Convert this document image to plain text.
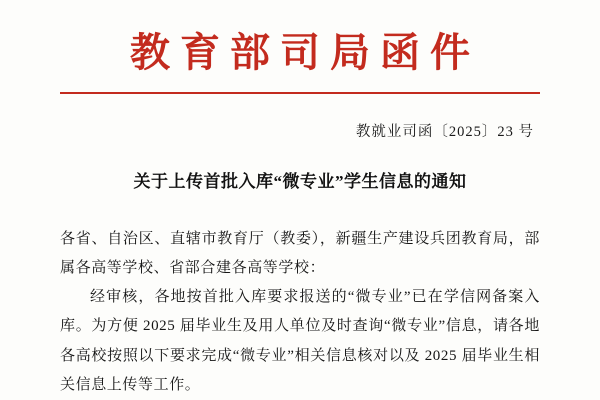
教育部司局函件
教就业司函〔2025〕23 号
关于上传首批入库“微专业”学生信息的通知

各省、自治区、直辖市教育厅（教委），新疆生产建设兵团教育局，部属各高等学校、省部合建各高等学校：

经审核，各地按首批入库要求报送的“微专业”已在学信网备案入库。为方便 2025 届毕业生及用人单位及时查询“微专业”信息，请各地各高校按照以下要求完成“微专业”相关信息核对以及 2025 届毕业生相关信息上传等工作。
